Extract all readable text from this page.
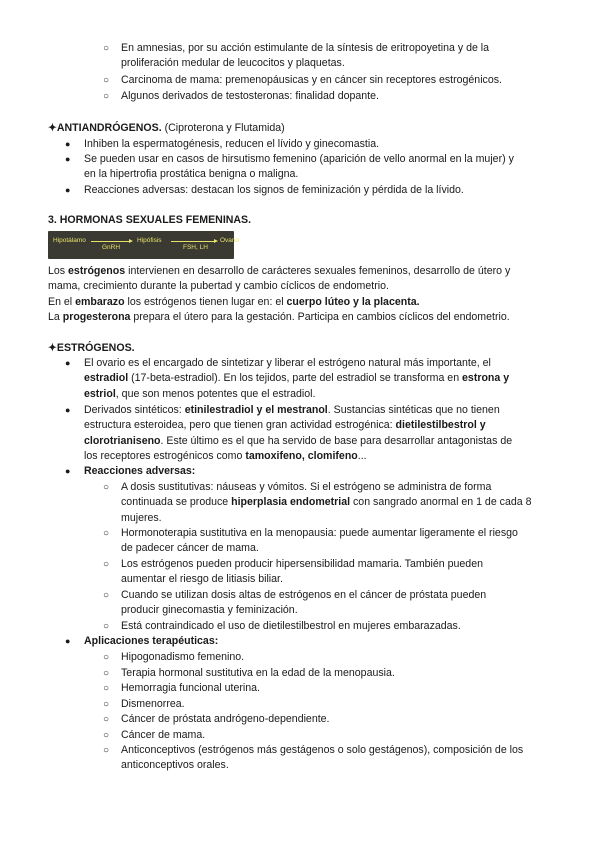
○ En amnesias, por su acción estimulante de la síntesis de eritropoyetina y de la
proliferación medular de leucocitos y plaquetas.
○ Carcinoma de mama: premenopáusicas y en cáncer sin receptores estrogénicos.
○ Algunos derivados de testosteronas: finalidad dopante.
✦ANTIANDRÓGENOS. (Ciproterona y Flutamida)
● Inhiben la espermatogénesis, reducen el lívido y ginecomastia.
● Se pueden usar en casos de hirsutismo femenino (aparición de vello anormal en la mujer) y
en la hipertrofia prostática benigna o maligna.
● Reacciones adversas: destacan los signos de feminización y pérdida de la lívido.
3. HORMONAS SEXUALES FEMENINAS.
Hipotálamo
GnRH
Hipófisis
FSH, LH
Ovario
Los estrógenos intervienen en desarrollo de carácteres sexuales femeninos, desarrollo de útero y
mama, crecimiento durante la pubertad y cambio cíclicos de endometrio.
En el embarazo los estrógenos tienen lugar en: el cuerpo lúteo y la placenta.
La progesterona prepara el útero para la gestación. Participa en cambios cíclicos del endometrio.
✦ESTRÓGENOS.
● El ovario es el encargado de sintetizar y liberar el estrógeno natural más importante, el
estradiol (17-beta-estradiol). En los tejidos, parte del estradiol se transforma en estrona y
estriol, que son menos potentes que el estradiol.
● Derivados sintéticos: etinilestradiol y el mestranol. Sustancias sintéticas que no tienen
estructura esteroidea, pero que tienen gran actividad estrogénica: dietilestilbestrol y
clorotrianiseno. Este último es el que ha servido de base para desarrollar antagonistas de
los receptores estrogénicos como tamoxifeno, clomifeno...
● Reacciones adversas:
○ A dosis sustitutivas: náuseas y vómitos. Si el estrógeno se administra de forma
continuada se produce hiperplasia endometrial con sangrado anormal en 1 de cada 8
mujeres.
○ Hormonoterapia sustitutiva en la menopausia: puede aumentar ligeramente el riesgo
de padecer cáncer de mama.
○ Los estrógenos pueden producir hipersensibilidad mamaria. También pueden
aumentar el riesgo de litiasis biliar.
○ Cuando se utilizan dosis altas de estrógenos en el cáncer de próstata pueden
producir ginecomastia y feminización.
○ Está contraindicado el uso de dietilestilbestrol en mujeres embarazadas.
● Aplicaciones terapéuticas:
○ Hipogonadismo femenino.
○ Terapia hormonal sustitutiva en la edad de la menopausia.
○ Hemorragia funcional uterina.
○ Dismenorrea.
○ Cáncer de próstata andrógeno-dependiente.
○ Cáncer de mama.
○ Anticonceptivos (estrógenos más gestágenos o solo gestágenos), composición de los
anticonceptivos orales.
